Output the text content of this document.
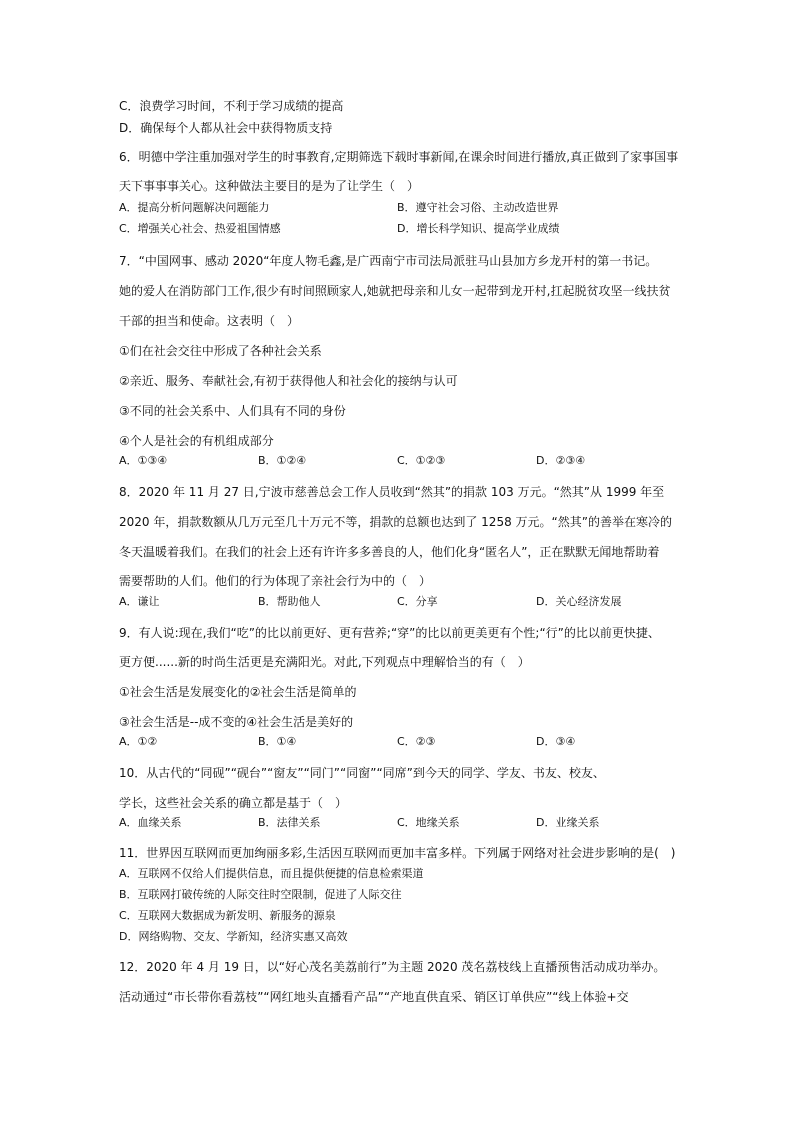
C．浪费学习时间，不利于学习成绩的提高
D．确保每个人都从社会中获得物质支持
6．明德中学注重加强对学生的时事教育,定期筛选下载时事新闻,在课余时间进行播放,真正做到了家事国事
天下事事事关心。这种做法主要目的是为了让学生（　）
A．提高分析问题解决问题能力	B．遵守社会习俗、主动改造世界
C．增强关心社会、热爱祖国情感	D．增长科学知识、提高学业成绩
7．“中国网事、感动 2020“年度人物毛鑫,是广西南宁市司法局派驻马山县加方乡龙开村的第一书记。
她的爱人在消防部门工作,很少有时间照顾家人,她就把母亲和儿女一起带到龙开村,扛起脱贫攻坚一线扶贫
干部的担当和使命。这表明（　）
①们在社会交往中形成了各种社会关系
②亲近、服务、奉献社会,有初于获得他人和社会化的接纳与认可
③不同的社会关系中、人们具有不同的身份
④个人是社会的有机组成部分
A．①③④	B．①②④	C．①②③	D．②③④
8．2020 年 11 月 27 日,宁波市慈善总会工作人员收到“然其”的捐款 103 万元。“然其”从 1999 年至
2020 年，捐款数额从几万元至几十万元不等，捐款的总额也达到了 1258 万元。“然其”的善举在寒冷的
冬天温暖着我们。在我们的社会上还有许许多多善良的人，他们化身“匿名人”，正在默默无闻地帮助着
需要帮助的人们。他们的行为体现了亲社会行为中的（　）
A．谦让	B．帮助他人	C．分享	D．关心经济发展
9．有人说:现在,我们“吃”的比以前更好、更有营养;“穿”的比以前更美更有个性;“行”的比以前更快捷、
更方便......新的时尚生活更是充满阳光。对此,下列观点中理解恰当的有（　）
①社会生活是发展变化的②社会生活是简单的
③社会生活是--成不变的④社会生活是美好的
A．①②	B．①④	C．②③	D．③④
10．从古代的“同砚”“砚台”“窗友”“同门”“同窗”“同席”到今天的同学、学友、书友、校友、
学长，这些社会关系的确立都是基于（　）
A．血缘关系	B．法律关系	C．地缘关系	D．业缘关系
11．世界因互联网而更加绚丽多彩,生活因互联网而更加丰富多样。下列属于网络对社会进步影响的是(　)
A．互联网不仅给人们提供信息，而且提供便捷的信息检索渠道
B．互联网打破传统的人际交往时空限制，促进了人际交往
C．互联网大数据成为新发明、新服务的源泉
D．网络购物、交友、学新知，经济实惠又高效
12．2020 年 4 月 19 日，以“好心茂名美荔前行”为主题 2020 茂名荔枝线上直播预售活动成功举办。
活动通过“市长带你看荔枝”“网红地头直播看产品”“产地直供直采、销区订单供应”“线上体验+交
